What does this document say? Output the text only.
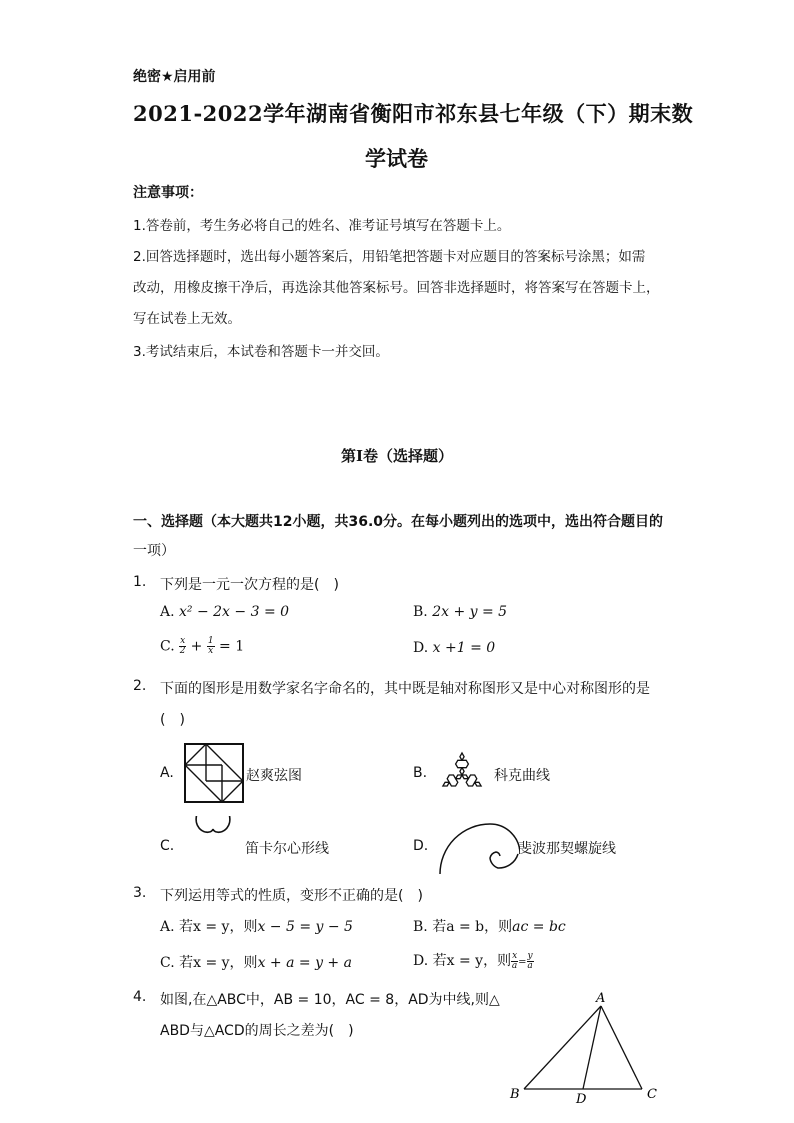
绝密★启用前
2021-2022学年湖南省衡阳市祁东县七年级（下）期末数
学试卷
注意事项：
1.答卷前，考生务必将自己的姓名、准考证号填写在答题卡上。
2.回答选择题时，选出每小题答案后，用铅笔把答题卡对应题目的答案标号涂黑；如需
改动，用橡皮擦干净后，再选涂其他答案标号。回答非选择题时，将答案写在答题卡上，
写在试卷上无效。
3.考试结束后，本试卷和答题卡一并交回。
第I卷（选择题）
一、选择题（本大题共12小题，共36.0分。在每小题列出的选项中，选出符合题目的
一项）
1. 下列是一元一次方程的是(　)
A. x² − 2x − 3 = 0	B. 2x + y = 5
C. $\frac{x}{2} + \frac{1}{x} = 1$	D. x +1 = 0
2. 下面的图形是用数学家名字命名的，其中既是轴对称图形又是中心对称图形的是
(　)
A.	赵爽弦图	B.	科克曲线
C.	笛卡尔心形线	D.	斐波那契螺旋线
3. 下列运用等式的性质，变形不正确的是(　)
A. 若x = y，则x − 5 = y − 5	B. 若a = b，则ac = bc
C. 若x = y，则x + a = y + a	D. 若x = y，则 $\frac{x}{a} = \frac{y}{a}$
4. 如图,在△ABC中，AB = 10，AC = 8，AD为中线,则△
ABD与△ACD的周长之差为(　)
A
B	C
D
